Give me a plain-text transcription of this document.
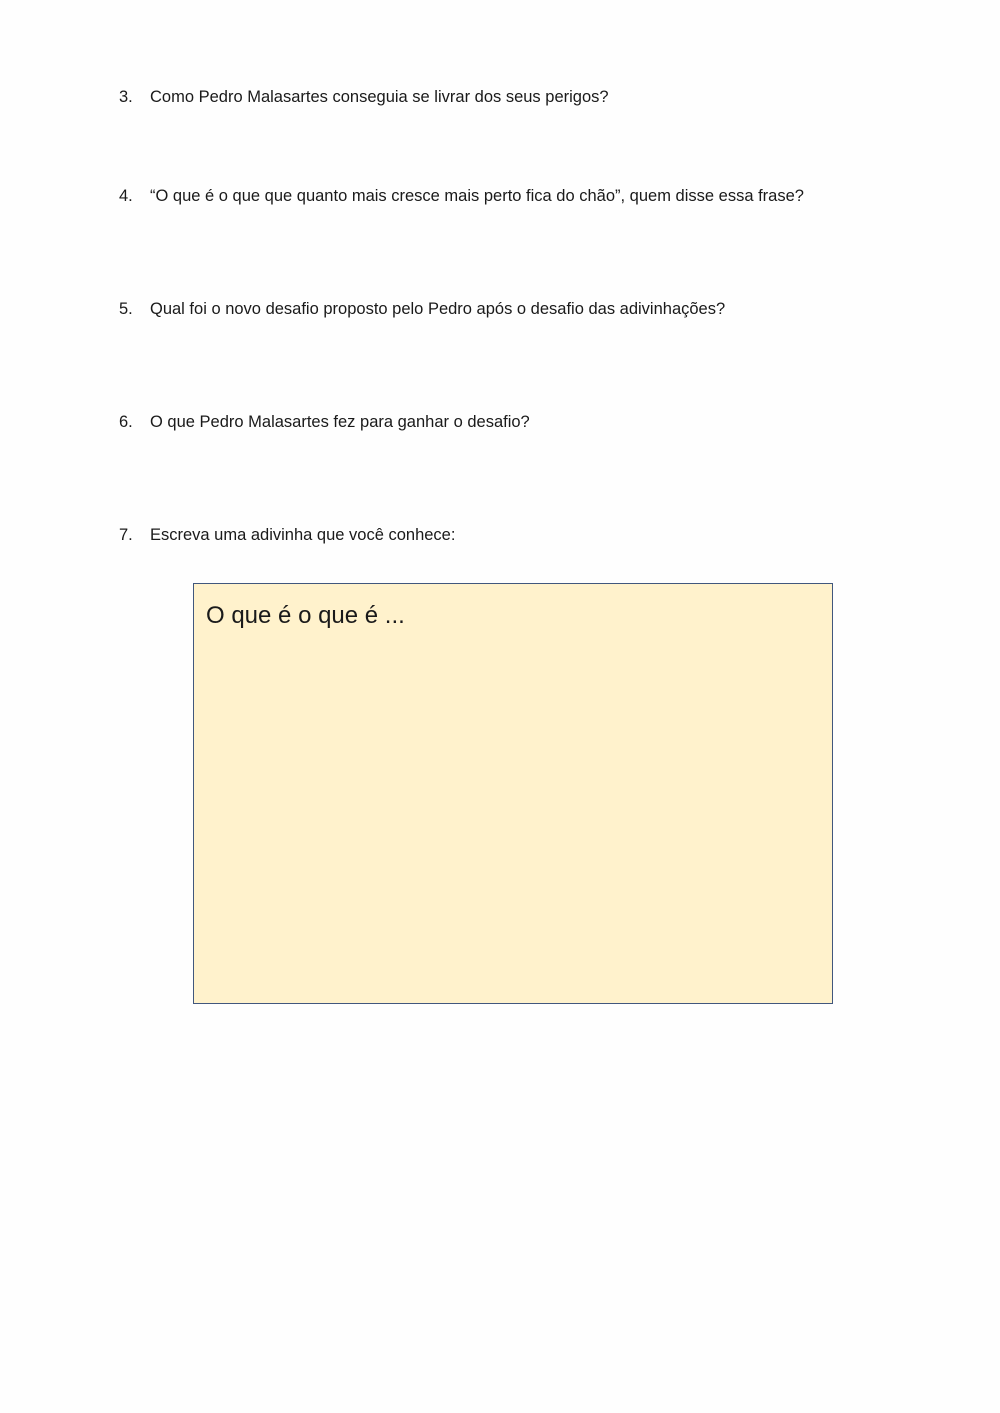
3.	Como Pedro Malasartes conseguia se livrar dos seus perigos?
4.	“O que é o que que quanto mais cresce mais perto fica do chão”, quem disse essa frase?
5.	Qual foi o novo desafio proposto pelo Pedro após o desafio das adivinhações?
6.	O que Pedro Malasartes fez para ganhar o desafio?
7.	Escreva uma adivinha que você conhece:
O que é o que é ...
